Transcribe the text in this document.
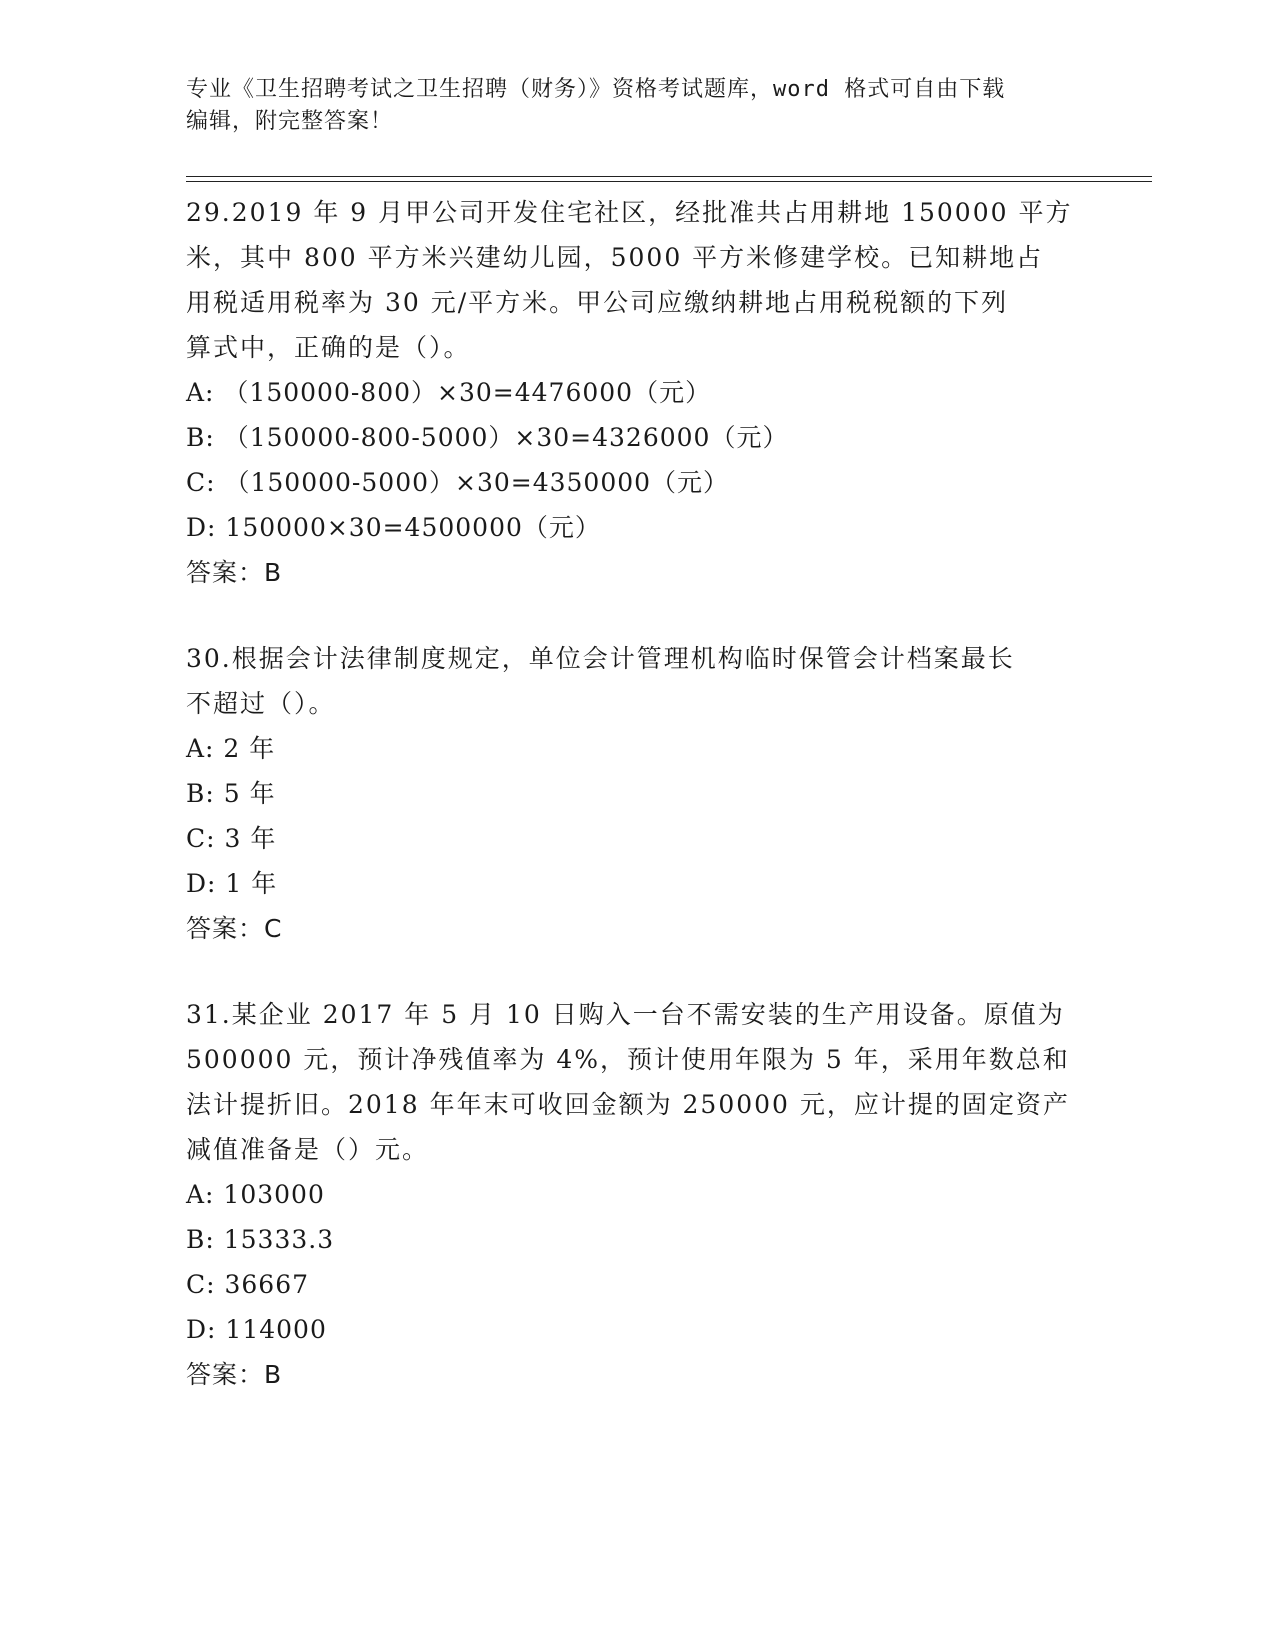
专业《卫生招聘考试之卫生招聘（财务）》资格考试题库，word 格式可自由下载
编辑，附完整答案！

29.2019 年 9 月甲公司开发住宅社区，经批准共占用耕地 150000 平方

米，其中 800 平方米兴建幼儿园，5000 平方米修建学校。已知耕地占

用税适用税率为 30 元/平方米。甲公司应缴纳耕地占用税税额的下列

算式中，正确的是（）。

A: （150000-800）×30=4476000（元）

B: （150000-800-5000）×30=4326000（元）

C: （150000-5000）×30=4350000（元）

D: 150000×30=4500000（元）

答案：B

30.根据会计法律制度规定，单位会计管理机构临时保管会计档案最长

不超过（）。

A: 2 年

B: 5 年

C: 3 年

D: 1 年

答案：C

31.某企业 2017 年 5 月 10 日购入一台不需安装的生产用设备。原值为

500000 元，预计净残值率为 4%，预计使用年限为 5 年，采用年数总和

法计提折旧。2018 年年末可收回金额为 250000 元，应计提的固定资产

减值准备是（）元。

A: 103000

B: 15333.3

C: 36667

D: 114000

答案：B
